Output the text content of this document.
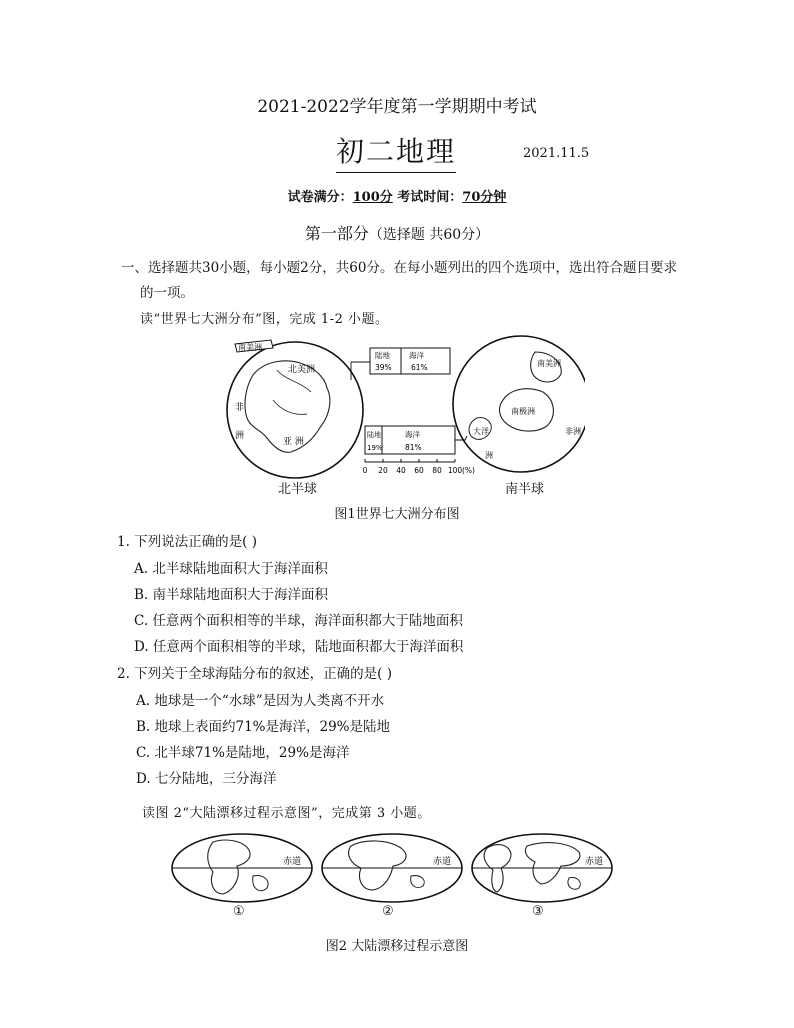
2021-2022学年度第一学期期中考试
初二地理	2021.11.5
试卷满分：100分 考试时间：70分钟
第一部分（选择题 共60分）
一、选择题共30小题，每小题2分，共60分。在每小题列出的四个选项中，选出符合题目要求
的一项。
读“世界七大洲分布”图，完成 1-2 小题。
南美洲
北美洲
非
洲
亚 洲
南美洲
南极洲
非洲
大洋
洲
陆地	海洋
39%	61%
陆地	海洋
19%	81%
0 20 40 60 80 100 (%)
北半球	南半球
图1世界七大洲分布图
1. 下列说法正确的是( )
A. 北半球陆地面积大于海洋面积
B. 南半球陆地面积大于海洋面积
C. 任意两个面积相等的半球，海洋面积都大于陆地面积
D. 任意两个面积相等的半球，陆地面积都大于海洋面积
2. 下列关于全球海陆分布的叙述，正确的是( )
A. 地球是一个“水球”是因为人类离不开水
B. 地球上表面约71%是海洋，29%是陆地
C. 北半球71%是陆地，29%是海洋
D. 七分陆地，三分海洋
读图 2“大陆漂移过程示意图”，完成第 3 小题。
赤道	赤道	赤道
①	②	③
图2 大陆漂移过程示意图
